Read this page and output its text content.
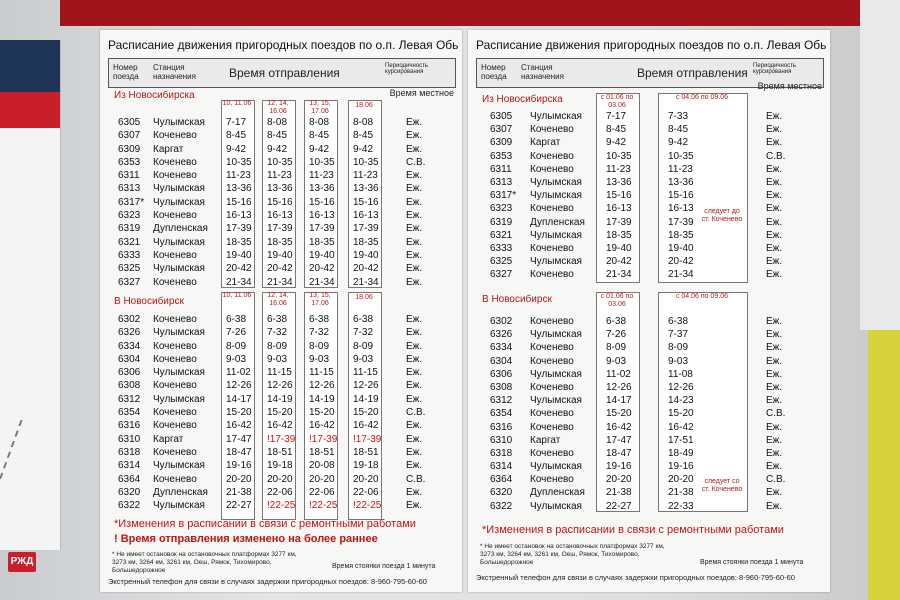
РЖД
Расписание движения пригородных поездов по о.п. Левая Обь
Номер поезда
Станция назначения	Время отправления	Периодичность курсирования
Время местное
Из Новосибирска
10, 11.06	12, 14, 16.06
13, 15, 17.06
18.06
6305 Чулымская 7-17 8-08 8-08 8-08	Еж.
6307 Коченево	8-45 8-45 8-45 8-45	Еж.
6309 Каргат	9-42 9-42 9-42 9-42	Еж.
6353 Коченево	10-35 10-35 10-35 10-35	С.В.
6311 Коченево	11-23 11-23 11-23 11-23	Еж.
6313 Чулымская 13-36 13-36 13-36 13-36	Еж.
6317* Чулымская 15-16 15-16 15-16 15-16	Еж.
6323 Коченево	16-13 16-13 16-13 16-13	Еж.
6319 Дупленская 17-39 17-39 17-39 17-39	Еж.
6321 Чулымская 18-35 18-35 18-35 18-35	Еж.
6333 Коченево	19-40 19-40 19-40 19-40	Еж.
6325 Чулымская 20-42 20-42 20-42 20-42	Еж.
6327 Коченево	21-34 21-34 21-34 21-34	Еж.
В Новосибирск
10, 11.06	12, 14, 16.06
13, 15, 17.06
18.06
6302 Коченево	6-38 6-38 6-38 6-38	Еж.
6326 Чулымская 7-26 7-32 7-32 7-32	Еж.
6334 Коченево	8-09 8-09 8-09 8-09	Еж.
6304 Коченево	9-03 9-03 9-03 9-03	Еж.
6306 Чулымская 11-02 11-15 11-15 11-15	Еж.
6308 Коченево	12-26 12-26 12-26 12-26	Еж.
6312 Чулымская 14-17 14-19 14-19 14-19	Еж.
6354 Коченево	15-20 15-20 15-20 15-20	С.В.
6316 Коченево	16-42 16-42 16-42 16-42	Еж.
6310 Каргат	17-47 !17-39 !17-39 !17-39 Еж.
6318 Коченево	18-47 18-51 18-51 18-51	Еж.
6314 Чулымская 19-16 19-18 20-08 19-18	Еж.
6364 Коченево	20-20 20-20 20-20 20-20	С.В.
6320 Дупленская 21-38 22-06 22-06 22-06	Еж.
6322 Чулымская 22-27 !22-25 !22-25 !22-25 Еж.
*Изменения в расписании в связи с ремонтными работами
! Время отправления изменено на более раннее
* Не имеет остановок на остановочных платформах 3277 км, 3273 км, 3264 км, 3261 км, Оеш, Рямок, Тихомирово, Большедорожное
Время стоянки поезда 1 минута
Экстренный телефон для связи в случаях задержки пригородных поездов: 8-960-795-60-60
Расписание движения пригородных поездов по о.п. Левая Обь
Номер поезда
Станция назначения	Время отправления Периодичность курсирования
Время местное
Из Новосибирска	с 01.06 по 03.06
с 04.06 по 09.06
6305 Чулымская 7-17	7-33	Еж.
6307 Коченево	8-45	8-45	Еж.
6309 Каргат	9-42	9-42	Еж.
6353 Коченево	10-35	10-35	С.В.
6311 Коченево	11-23	11-23	Еж.
6313 Чулымская 13-36	13-36	Еж.
6317* Чулымская 15-16	15-16	Еж.
6323 Коченево	16-13	16-13	Еж.
6319 Дупленская 17-39	17-39	Еж.
6321 Чулымская 18-35	18-35	Еж.
6333 Коченево	19-40	19-40	Еж.
6325 Чулымская 20-42	20-42	Еж.
6327 Коченево	21-34	21-34	Еж.
следует до ст. Коченево
В Новосибирск	с 01.06 по 03.06
с 04.06 по 09.06
6302 Коченево	6-38	6-38	Еж.
6326 Чулымская 7-26	7-37	Еж.
6334 Коченево	8-09	8-09	Еж.
6304 Коченево	9-03	9-03	Еж.
6306 Чулымская 11-02	11-08	Еж.
6308 Коченево	12-26	12-26	Еж.
6312 Чулымская 14-17	14-23	Еж.
6354 Коченево	15-20	15-20	С.В.
6316 Коченево	16-42	16-42	Еж.
6310 Каргат	17-47	17-51	Еж.
6318 Коченево	18-47	18-49	Еж.
6314 Чулымская 19-16	19-16	Еж.
6364 Коченево	20-20	20-20	С.В.
6320 Дупленская 21-38	21-38	Еж.
6322 Чулымская 22-27	22-33	Еж.
следует со ст. Коченево
*Изменения в расписании в связи с ремонтными работами
* Не имеет остановок на остановочных платформах 3277 км, 3273 км, 3264 км, 3261 км, Оеш, Рямок, Тихомирово, Большедорожное	Время стоянки поезда 1 минута
Экстренный телефон для связи в случаях задержки пригородных поездов: 8-960-795-60-60
